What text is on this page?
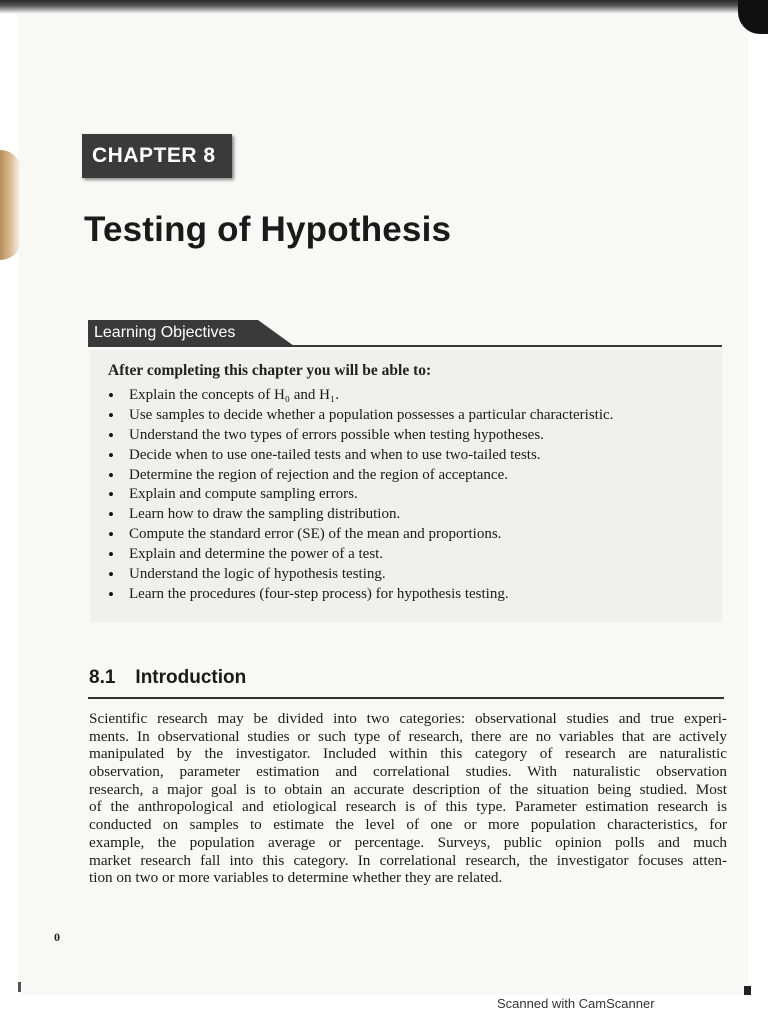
CHAPTER 8
Testing of Hypothesis
Learning Objectives
After completing this chapter you will be able to:
• Explain the concepts of H₀ and H₁.
• Use samples to decide whether a population possesses a particular characteristic.
• Understand the two types of errors possible when testing hypotheses.
• Decide when to use one-tailed tests and when to use two-tailed tests.
• Determine the region of rejection and the region of acceptance.
• Explain and compute sampling errors.
• Learn how to draw the sampling distribution.
• Compute the standard error (SE) of the mean and proportions.
• Explain and determine the power of a test.
• Understand the logic of hypothesis testing.
• Learn the procedures (four-step process) for hypothesis testing.
8.1 Introduction

Scientific research may be divided into two categories: observational studies and true experi-
ments. In observational studies or such type of research, there are no variables that are actively
manipulated by the investigator. Included within this category of research are naturalistic
observation, parameter estimation and correlational studies. With naturalistic observation
research, a major goal is to obtain an accurate description of the situation being studied. Most
of the anthropological and etiological research is of this type. Parameter estimation research is
conducted on samples to estimate the level of one or more population characteristics, for
example, the population average or percentage. Surveys, public opinion polls and much
market research fall into this category. In correlational research, the investigator focuses atten-
tion on two or more variables to determine whether they are related.

0
Scanned with CamScanner
